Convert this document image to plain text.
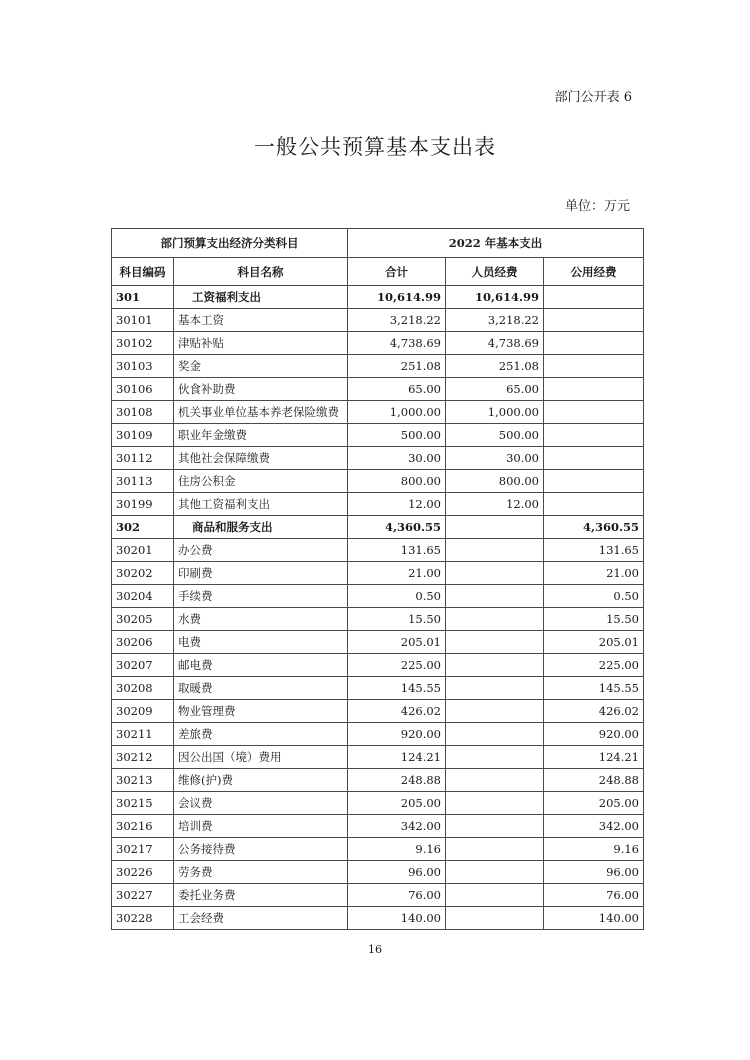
部门公开表 6
一般公共预算基本支出表
单位：万元
部门预算支出经济分类科目		2022 年基本支出		
科目编码	科目名称	合计	人员经费	公用经费
301	工资福利支出	10,614.99	10,614.99	
30101	基本工资	3,218.22	3,218.22	
30102	津贴补贴	4,738.69	4,738.69	
30103	奖金	251.08	251.08	
30106	伙食补助费	65.00	65.00	
30108	机关事业单位基本养老保险缴费	1,000.00	1,000.00	
30109	职业年金缴费	500.00	500.00	
30112	其他社会保障缴费	30.00	30.00	
30113	住房公积金	800.00	800.00	
30199	其他工资福利支出	12.00	12.00	
302	商品和服务支出	4,360.55		4,360.55
30201	办公费	131.65		131.65
30202	印刷费	21.00		21.00
30204	手续费	0.50		0.50
30205	水费	15.50		15.50
30206	电费	205.01		205.01
30207	邮电费	225.00		225.00
30208	取暖费	145.55		145.55
30209	物业管理费	426.02		426.02
30211	差旅费	920.00		920.00
30212	因公出国（境）费用	124.21		124.21
30213	维修(护)费	248.88		248.88
30215	会议费	205.00		205.00
30216	培训费	342.00		342.00
30217	公务接待费	9.16		9.16
30226	劳务费	96.00		96.00
30227	委托业务费	76.00		76.00
30228	工会经费	140.00		140.00
16
